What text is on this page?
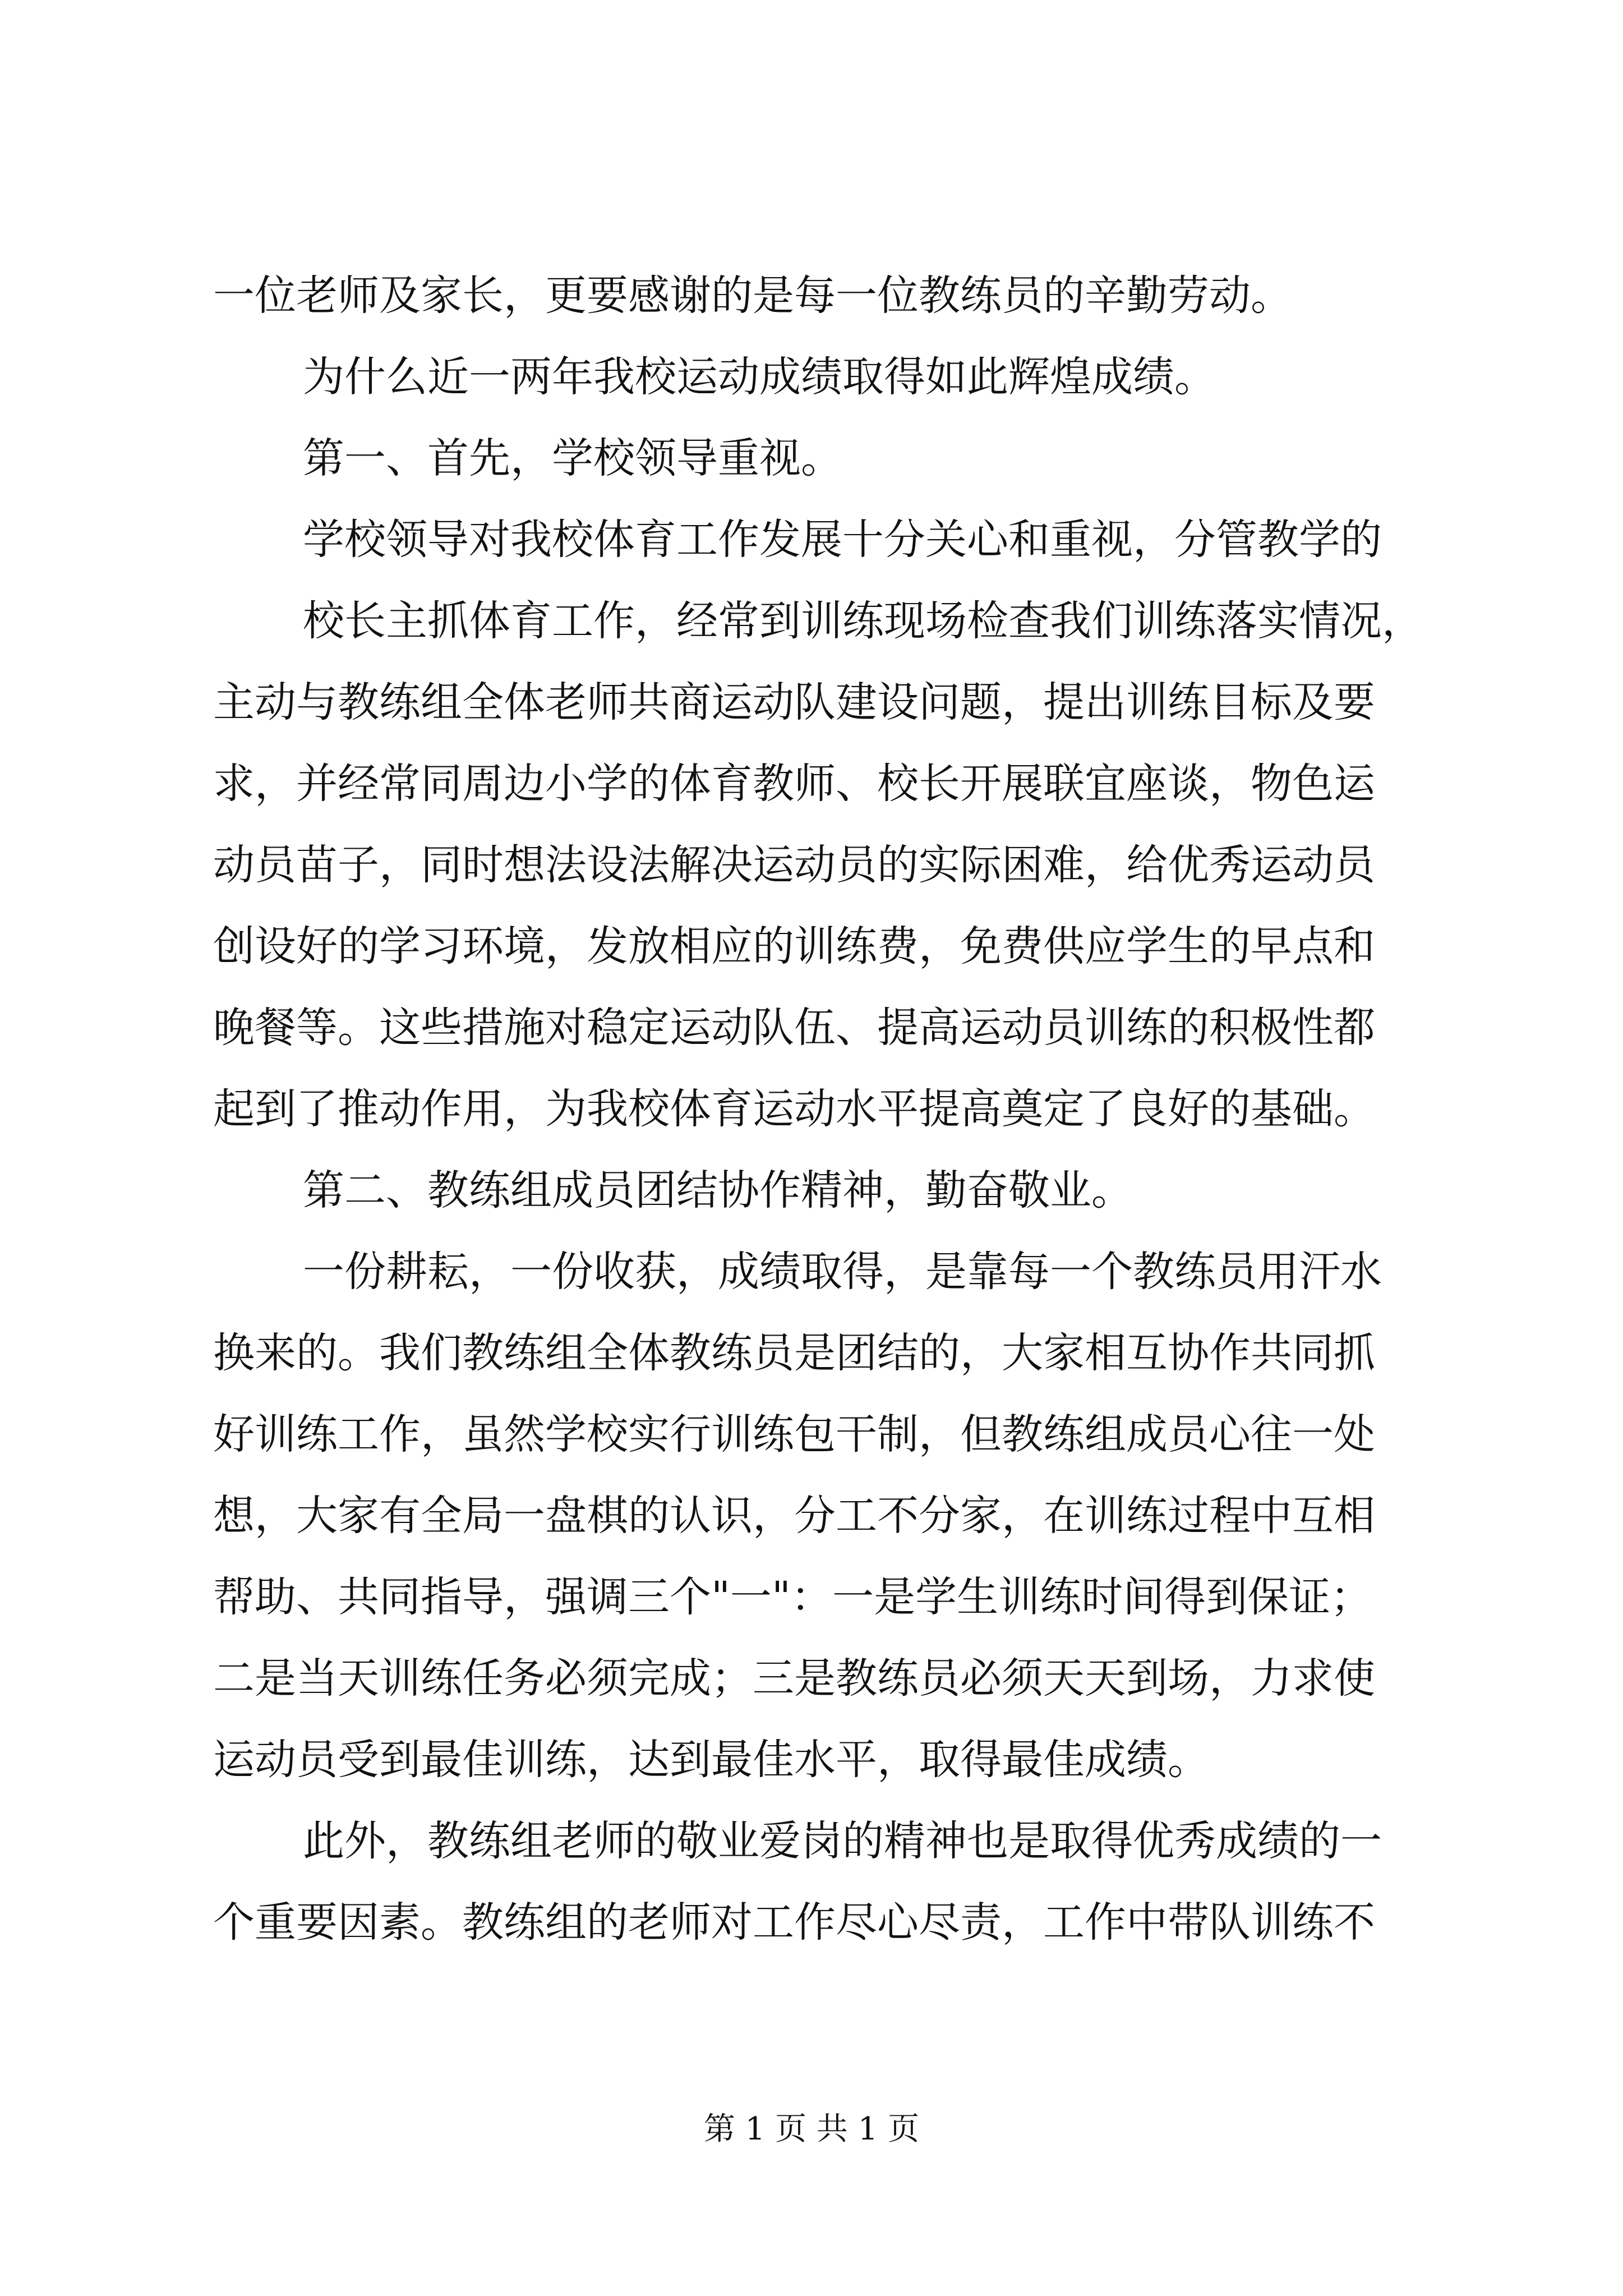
一位老师及家长，更要感谢的是每一位教练员的辛勤劳动。
为什么近一两年我校运动成绩取得如此辉煌成绩。
第一、首先，学校领导重视。
学校领导对我校体育工作发展十分关心和重视，分管教学的
校长主抓体育工作，经常到训练现场检查我们训练落实情况，
主动与教练组全体老师共商运动队建设问题，提出训练目标及要
求，并经常同周边小学的体育教师、校长开展联宜座谈，物色运
动员苗子，同时想法设法解决运动员的实际困难，给优秀运动员
创设好的学习环境，发放相应的训练费，免费供应学生的早点和
晚餐等。这些措施对稳定运动队伍、提高运动员训练的积极性都
起到了推动作用，为我校体育运动水平提高奠定了良好的基础。
第二、教练组成员团结协作精神，勤奋敬业。
一份耕耘，一份收获，成绩取得，是靠每一个教练员用汗水
换来的。我们教练组全体教练员是团结的，大家相互协作共同抓
好训练工作，虽然学校实行训练包干制，但教练组成员心往一处
想，大家有全局一盘棋的认识，分工不分家，在训练过程中互相
帮助、共同指导，强调三个"一"：一是学生训练时间得到保证；
二是当天训练任务必须完成；三是教练员必须天天到场，力求使
运动员受到最佳训练，达到最佳水平，取得最佳成绩。
此外，教练组老师的敬业爱岗的精神也是取得优秀成绩的一
个重要因素。教练组的老师对工作尽心尽责，工作中带队训练不
第 1 页 共 1 页
